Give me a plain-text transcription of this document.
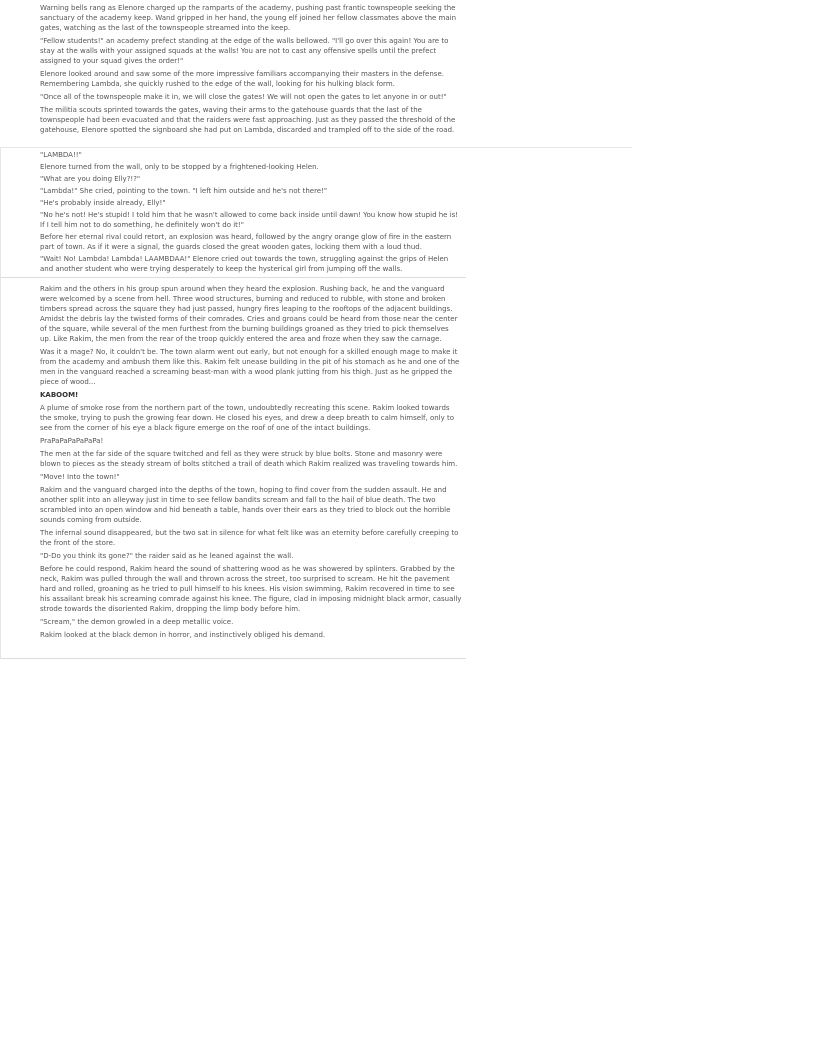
Warning bells rang as Elenore charged up the ramparts of the academy, pushing past frantic townspeople seeking the sanctuary of the academy keep. Wand gripped in her hand, the young elf joined her fellow classmates above the main gates, watching as the last of the townspeople streamed into the keep.

"Fellow students!" an academy prefect standing at the edge of the walls bellowed. "I'll go over this again! You are to stay at the walls with your assigned squads at the walls! You are not to cast any offensive spells until the prefect assigned to your squad gives the order!"

Elenore looked around and saw some of the more impressive familiars accompanying their masters in the defense. Remembering Lambda, she quickly rushed to the edge of the wall, looking for his hulking black form.

"Once all of the townspeople make it in, we will close the gates! We will not open the gates to let anyone in or out!"

The militia scouts sprinted towards the gates, waving their arms to the gatehouse guards that the last of the townspeople had been evacuated and that the raiders were fast approaching. Just as they passed the threshold of the gatehouse, Elenore spotted the signboard she had put on Lambda, discarded and trampled off to the side of the road.

"LAMBDA!!"

Elenore turned from the wall, only to be stopped by a frightened-looking Helen.

"What are you doing Elly?!?"

"Lambda!" She cried, pointing to the town. "I left him outside and he's not there!"

"He's probably inside already, Elly!"

"No he's not! He's stupid! I told him that he wasn't allowed to come back inside until dawn! You know how stupid he is! If I tell him not to do something, he definitely won't do it!"

Before her eternal rival could retort, an explosion was heard, followed by the angry orange glow of fire in the eastern part of town. As if it were a signal, the guards closed the great wooden gates, locking them with a loud thud.

"Wait! No! Lambda! Lambda! LAAMBDAA!" Elenore cried out towards the town, struggling against the grips of Helen and another student who were trying desperately to keep the hysterical girl from jumping off the walls.

Rakim and the others in his group spun around when they heard the explosion. Rushing back, he and the vanguard were welcomed by a scene from hell. Three wood structures, burning and reduced to rubble, with stone and broken timbers spread across the square they had just passed, hungry fires leaping to the rooftops of the adjacent buildings. Amidst the debris lay the twisted forms of their comrades. Cries and groans could be heard from those near the center of the square, while several of the men furthest from the burning buildings groaned as they tried to pick themselves up. Like Rakim, the men from the rear of the troop quickly entered the area and froze when they saw the carnage.

Was it a mage? No, it couldn't be. The town alarm went out early, but not enough for a skilled enough mage to make it from the academy and ambush them like this. Rakim felt unease building in the pit of his stomach as he and one of the men in the vanguard reached a screaming beast-man with a wood plank jutting from his thigh. Just as he gripped the piece of wood...

KABOOM!

A plume of smoke rose from the northern part of the town, undoubtedly recreating this scene. Rakim looked towards the smoke, trying to push the growing fear down. He closed his eyes, and drew a deep breath to calm himself, only to see from the corner of his eye a black figure emerge on the roof of one of the intact buildings.

PraPaPaPaPaPaPa!

The men at the far side of the square twitched and fell as they were struck by blue bolts. Stone and masonry were blown to pieces as the steady stream of bolts stitched a trail of death which Rakim realized was traveling towards him.

"Move! Into the town!"

Rakim and the vanguard charged into the depths of the town, hoping to find cover from the sudden assault. He and another split into an alleyway just in time to see fellow bandits scream and fall to the hail of blue death. The two scrambled into an open window and hid beneath a table, hands over their ears as they tried to block out the horrible sounds coming from outside.

The infernal sound disappeared, but the two sat in silence for what felt like was an eternity before carefully creeping to the front of the store.

"D-Do you think its gone?" the raider said as he leaned against the wall.

Before he could respond, Rakim heard the sound of shattering wood as he was showered by splinters. Grabbed by the neck, Rakim was pulled through the wall and thrown across the street, too surprised to scream. He hit the pavement hard and rolled, groaning as he tried to pull himself to his knees. His vision swimming, Rakim recovered in time to see his assailant break his screaming comrade against his knee. The figure, clad in imposing midnight black armor, casually strode towards the disoriented Rakim, dropping the limp body before him.

"Scream," the demon growled in a deep metallic voice.

Rakim looked at the black demon in horror, and instinctively obliged his demand.
